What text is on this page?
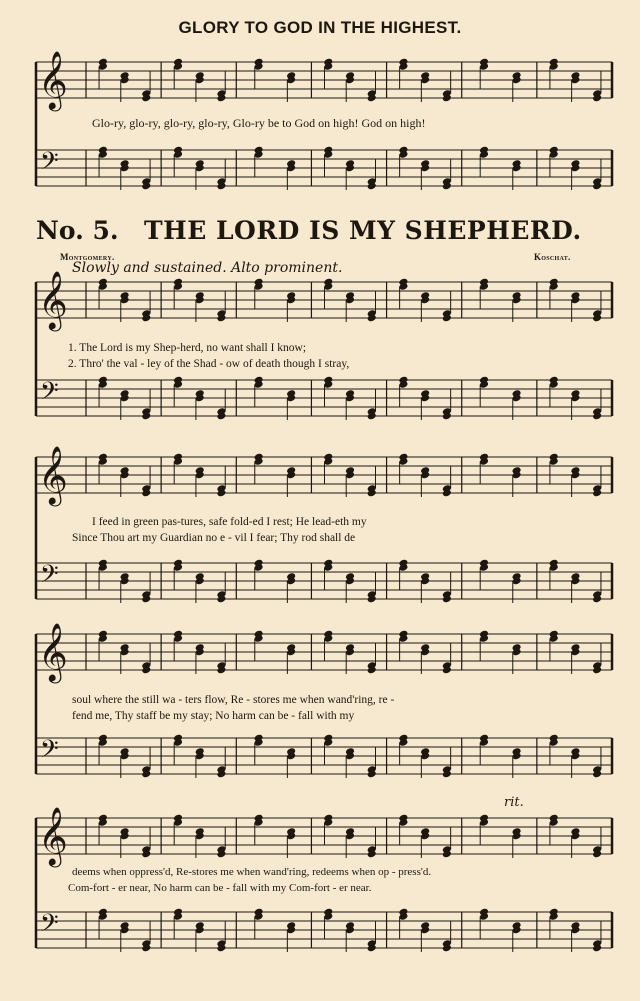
𝄞
𝄢
𝄞
𝄢
𝄞
𝄢
𝄞
𝄢
𝄞
𝄢
GLORY TO GOD IN THE HIGHEST.
Glo-ry, glo-ry, glo-ry, glo-ry, Glo-ry be to God on high! God on high!
No. 5. THE LORD IS MY SHEPHERD.
Montgomery.	Koschat.
Slowly and sustained. Alto prominent.
1. The Lord is my Shep-herd, no want shall I know;
2. Thro' the val - ley of the Shad - ow of death though I stray,
I feed in green pas-tures, safe fold-ed I rest; He lead-eth my
Since Thou art my Guardian no e - vil I fear; Thy rod shall de
soul where the still wa - ters flow, Re - stores me when wand'ring, re -
fend me, Thy staff be my stay; No harm can be - fall with my
rit.
deems when oppress'd, Re-stores me when wand'ring, redeems when op - press'd.
Com-fort - er near, No harm can be - fall with my Com-fort - er near.
